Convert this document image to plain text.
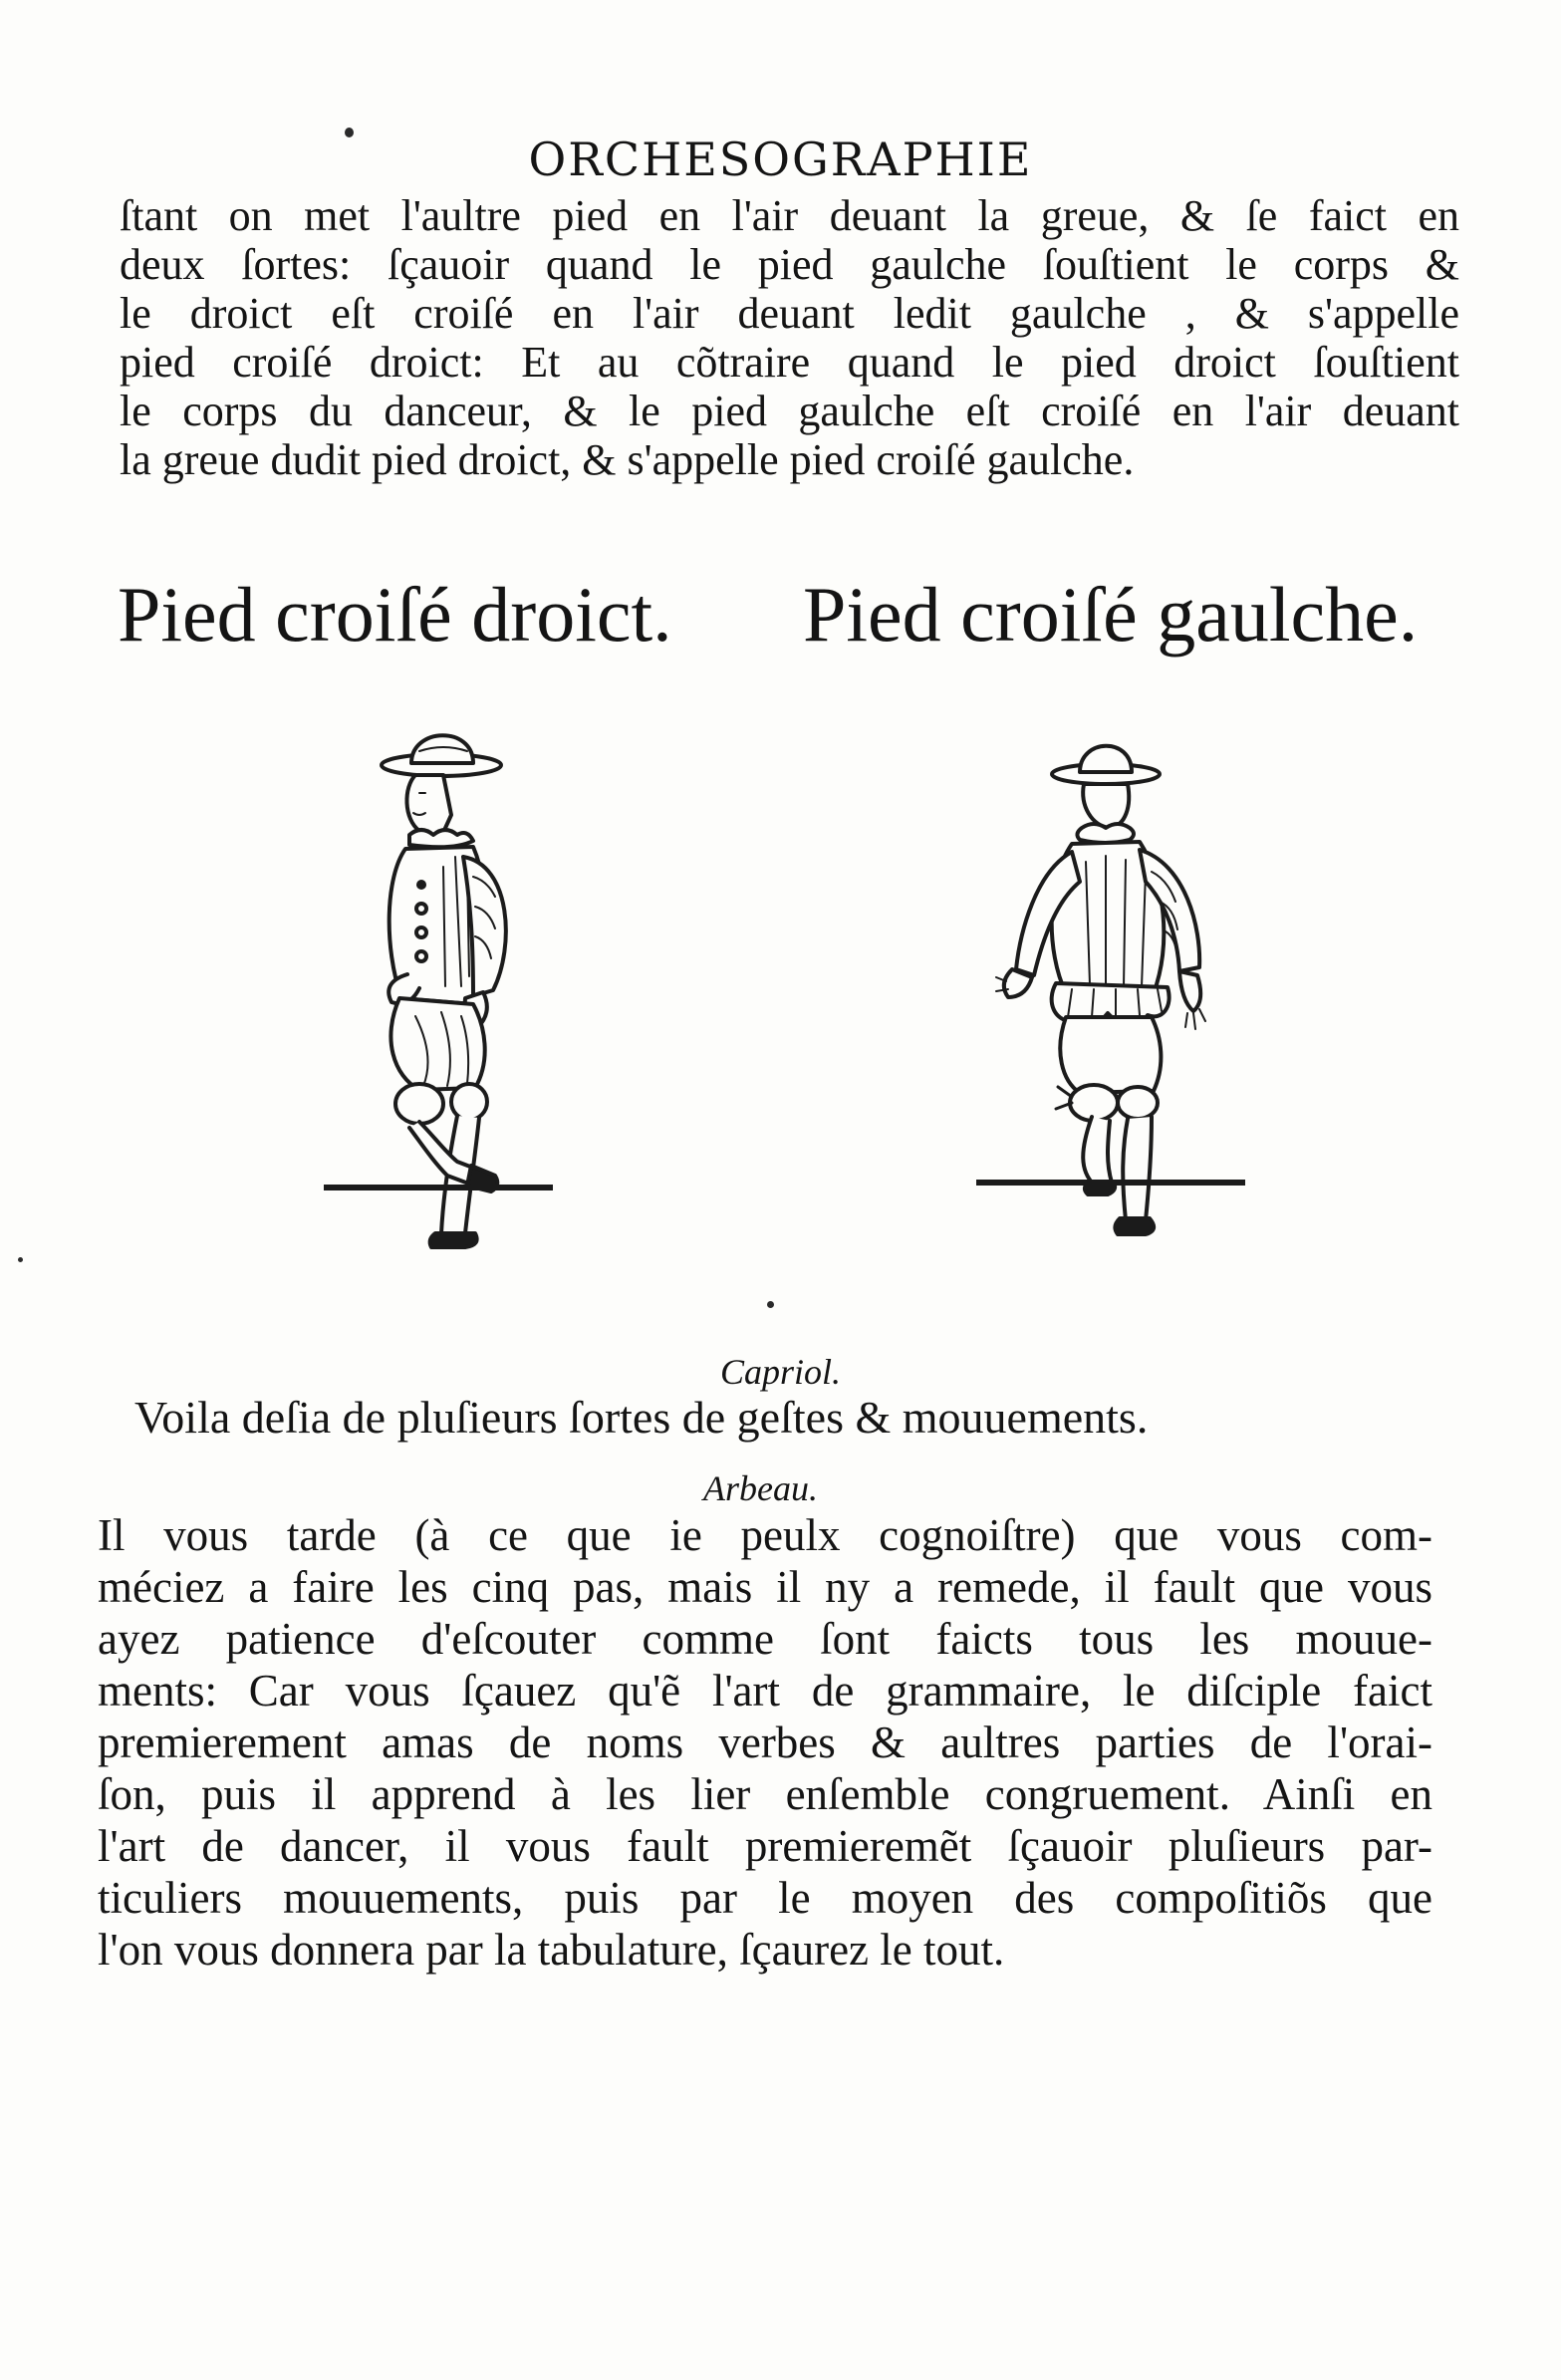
ORCHESOGRAPHIE
ſtant on met l'aultre pied en l'air deuant la greue, & ſe faict en
deux ſortes: ſçauoir quand le pied gaulche ſouſtient le corps &
le droict eſt croiſé en l'air deuant ledit gaulche , & s'appelle
pied croiſé droict: Et au cõtraire quand le pied droict ſouſtient
le corps du danceur, & le pied gaulche eſt croiſé en l'air deuant
la greue dudit pied droict, & s'appelle pied croiſé gaulche.
Pied croiſé droict. Pied croiſé gaulche.
Capriol.
Voila deſia de pluſieurs ſortes de geſtes & mouuements.
Arbeau.
Il vous tarde (à ce que ie peulx cognoiſtre) que vous com-
méciez a faire les cinq pas, mais il ny a remede, il fault que vous
ayez patience d'eſcouter comme ſont faicts tous les mouue-
ments: Car vous ſçauez qu'ẽ l'art de grammaire, le diſciple faict
premierement amas de noms verbes & aultres parties de l'orai-
ſon, puis il apprend à les lier enſemble congruement. Ainſi en
l'art de dancer, il vous fault premieremẽt ſçauoir pluſieurs par-
ticuliers mouuements, puis par le moyen des compoſitiõs que
l'on vous donnera par la tabulature, ſçaurez le tout.
